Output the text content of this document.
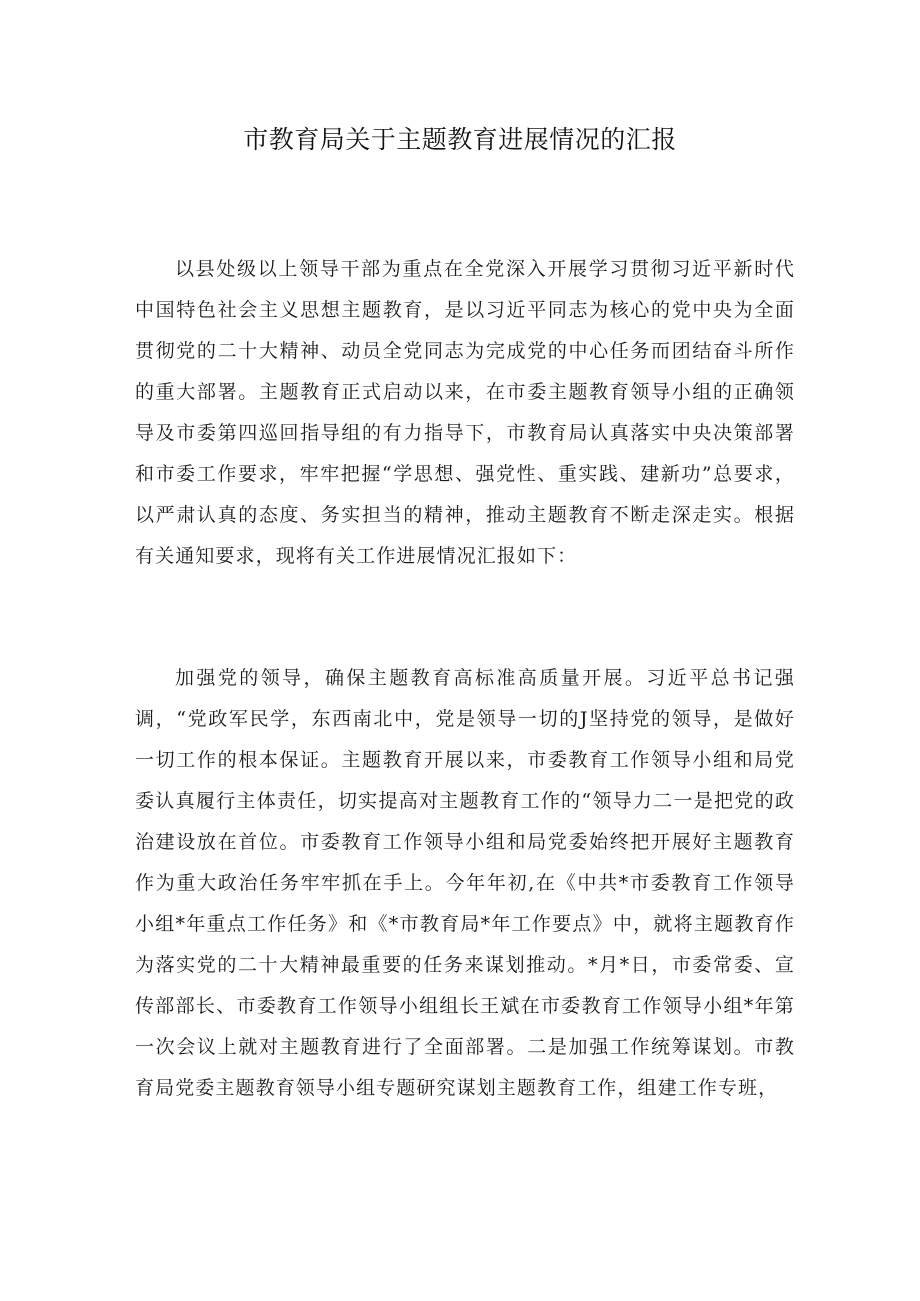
市教育局关于主题教育进展情况的汇报

以县处级以上领导干部为重点在全党深入开展学习贯彻习近平新时代中国特色社会主义思想主题教育，是以习近平同志为核心的党中央为全面贯彻党的二十大精神、动员全党同志为完成党的中心任务而团结奋斗所作的重大部署。主题教育正式启动以来，在市委主题教育领导小组的正确领导及市委第四巡回指导组的有力指导下，市教育局认真落实中央决策部署和市委工作要求，牢牢把握“学思想、强党性、重实践、建新功”总要求，以严肃认真的态度、务实担当的精神，推动主题教育不断走深走实。根据有关通知要求，现将有关工作进展情况汇报如下：

加强党的领导，确保主题教育高标准高质量开展。习近平总书记强调，“党政军民学，东西南北中，党是领导一切的J坚持党的领导，是做好一切工作的根本保证。主题教育开展以来，市委教育工作领导小组和局党委认真履行主体责任，切实提高对主题教育工作的“领导力二一是把党的政治建设放在首位。市委教育工作领导小组和局党委始终把开展好主题教育作为重大政治任务牢牢抓在手上。今年年初,在《中共*市委教育工作领导小组*年重点工作任务》和《*市教育局*年工作要点》中，就将主题教育作为落实党的二十大精神最重要的任务来谋划推动。*月*日，市委常委、宣传部部长、市委教育工作领导小组组长王斌在市委教育工作领导小组*年第一次会议上就对主题教育进行了全面部署。二是加强工作统筹谋划。市教育局党委主题教育领导小组专题研究谋划主题教育工作，组建工作专班，
